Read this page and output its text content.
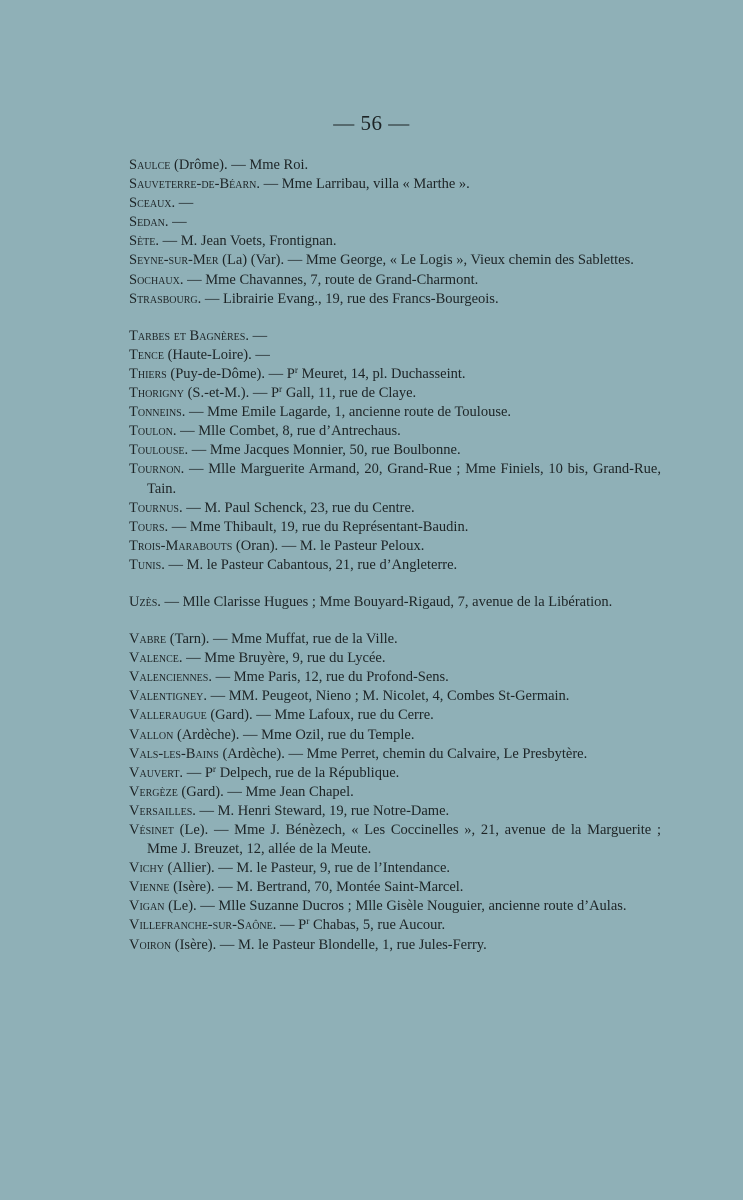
— 56 —
Saulce (Drôme). — Mme Roi.
Sauveterre-de-Béarn. — Mme Larribau, villa « Marthe ».
Sceaux. —
Sedan. —
Sète. — M. Jean Voets, Frontignan.
Seyne-sur-Mer (La) (Var). — Mme George, « Le Logis », Vieux chemin des Sablettes.
Sochaux. — Mme Chavannes, 7, route de Grand-Charmont.
Strasbourg. — Librairie Evang., 19, rue des Francs-Bourgeois.
Tarbes et Bagnères. —
Tence (Haute-Loire). —
Thiers (Puy-de-Dôme). — $P^r$ Meuret, 14, pl. Duchasseint.
Thorigny (S.-et-M.). — $P^r$ Gall, 11, rue de Claye.
Tonneins. — Mme Emile Lagarde, 1, ancienne route de Toulouse.
Toulon. — Mlle Combet, 8, rue d’Antrechaus.
Toulouse. — Mme Jacques Monnier, 50, rue Boulbonne.
Tournon. — Mlle Marguerite Armand, 20, Grand-Rue ; Mme Finiels, 10 bis, Grand-Rue, Tain.
Tournus. — M. Paul Schenck, 23, rue du Centre.
Tours. — Mme Thibault, 19, rue du Représentant-Baudin.
Trois-Marabouts (Oran). — M. le Pasteur Peloux.
Tunis. — M. le Pasteur Cabantous, 21, rue d’Angleterre.
Uzès. — Mlle Clarisse Hugues ; Mme Bouyard-Rigaud, 7, avenue de la Libération.
Vabre (Tarn). — Mme Muffat, rue de la Ville.
Valence. — Mme Bruyère, 9, rue du Lycée.
Valenciennes. — Mme Paris, 12, rue du Profond-Sens.
Valentigney. — MM. Peugeot, Nieno ; M. Nicolet, 4, Combes St-Germain.
Valleraugue (Gard). — Mme Lafoux, rue du Cerre.
Vallon (Ardèche). — Mme Ozil, rue du Temple.
Vals-les-Bains (Ardèche). — Mme Perret, chemin du Calvaire, Le Presbytère.
Vauvert. — $P^r$ Delpech, rue de la République.
Vergèze (Gard). — Mme Jean Chapel.
Versailles. — M. Henri Steward, 19, rue Notre-Dame.
Vésinet (Le). — Mme J. Bénèzech, « Les Coccinelles », 21, avenue de la Marguerite ; Mme J. Breuzet, 12, allée de la Meute.
Vichy (Allier). — M. le Pasteur, 9, rue de l’Intendance.
Vienne (Isère). — M. Bertrand, 70, Montée Saint-Marcel.
Vigan (Le). — Mlle Suzanne Ducros ; Mlle Gisèle Nouguier, ancienne route d’Aulas.
Villefranche-sur-Saône. — $P^r$ Chabas, 5, rue Aucour.
Voiron (Isère). — M. le Pasteur Blondelle, 1, rue Jules-Ferry.
